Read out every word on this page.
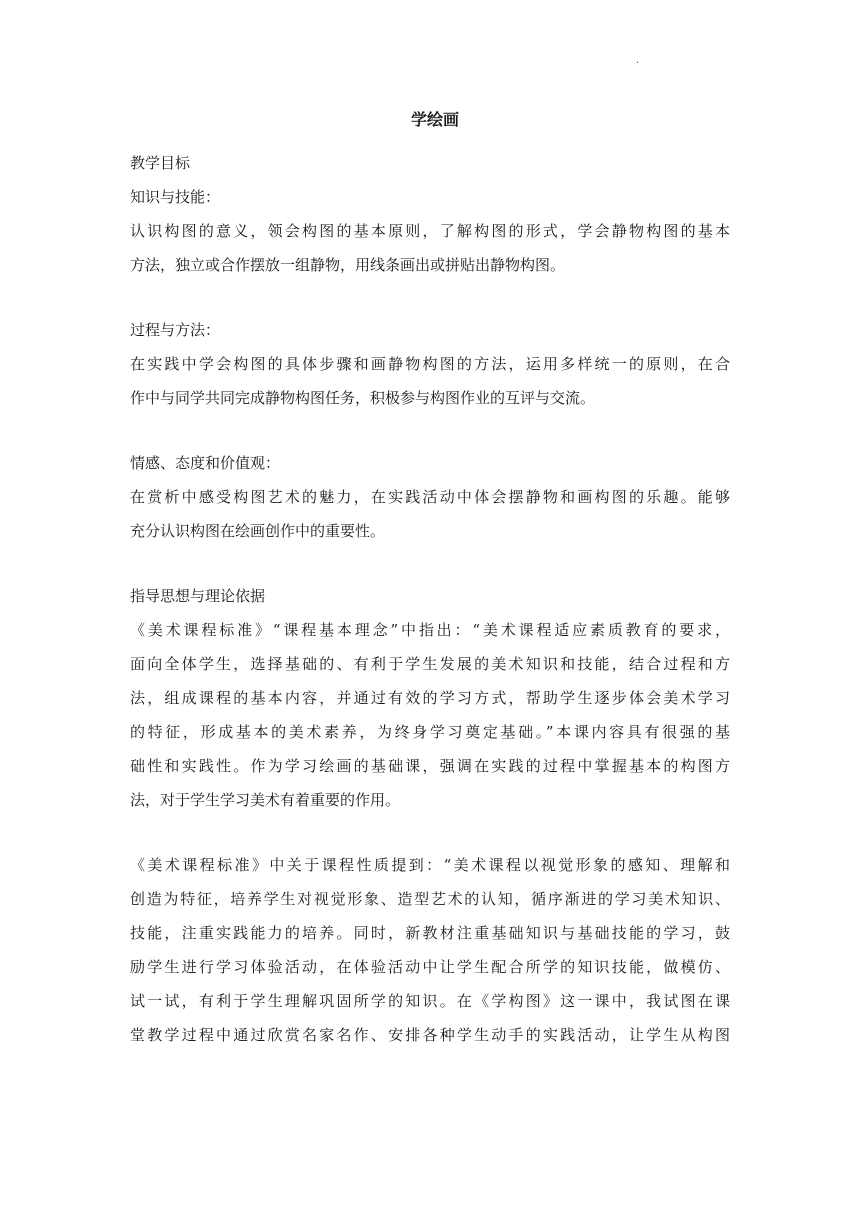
.
学绘画
教学目标
知识与技能：
认识构图的意义，领会构图的基本原则，了解构图的形式，学会静物构图的基本
方法，独立或合作摆放一组静物，用线条画出或拼贴出静物构图。
过程与方法：
在实践中学会构图的具体步骤和画静物构图的方法，运用多样统一的原则，在合
作中与同学共同完成静物构图任务，积极参与构图作业的互评与交流。
情感、态度和价值观：
在赏析中感受构图艺术的魅力，在实践活动中体会摆静物和画构图的乐趣。能够
充分认识构图在绘画创作中的重要性。
指导思想与理论依据
《美术课程标准》“课程基本理念”中指出：“美术课程适应素质教育的要求，
面向全体学生，选择基础的、有利于学生发展的美术知识和技能，结合过程和方
法，组成课程的基本内容，并通过有效的学习方式，帮助学生逐步体会美术学习
的特征，形成基本的美术素养，为终身学习奠定基础。”本课内容具有很强的基
础性和实践性。作为学习绘画的基础课，强调在实践的过程中掌握基本的构图方
法，对于学生学习美术有着重要的作用。
《美术课程标准》中关于课程性质提到：“美术课程以视觉形象的感知、理解和
创造为特征，培养学生对视觉形象、造型艺术的认知，循序渐进的学习美术知识、
技能，注重实践能力的培养。同时，新教材注重基础知识与基础技能的学习，鼓
励学生进行学习体验活动，在体验活动中让学生配合所学的知识技能，做模仿、
试一试，有利于学生理解巩固所学的知识。在《学构图》这一课中，我试图在课
堂教学过程中通过欣赏名家名作、安排各种学生动手的实践活动，让学生从构图
